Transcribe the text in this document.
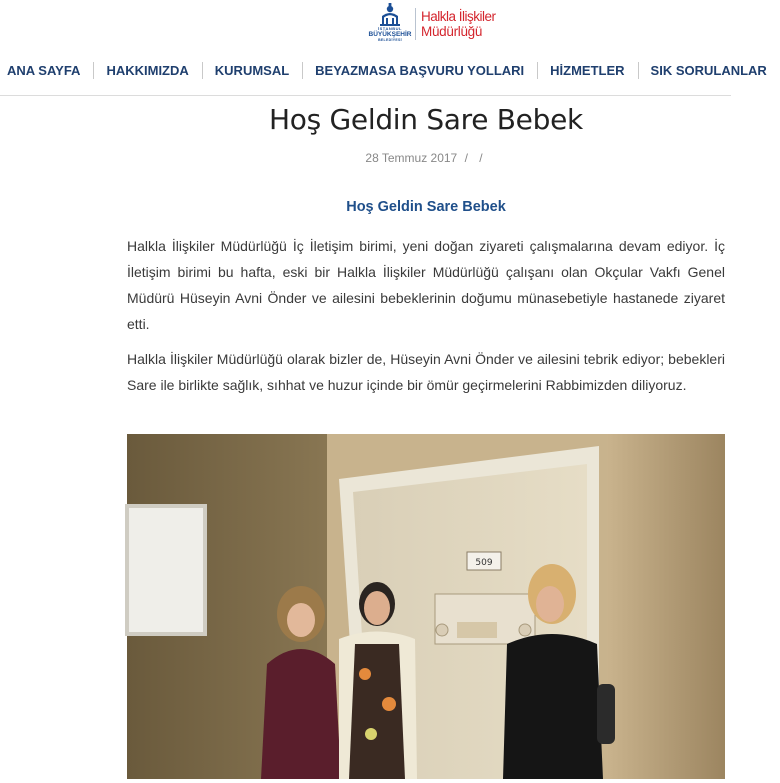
İSTANBUL
BÜYÜKŞEHİR
BELEDİYESİ
Halkla İlişkiler
Müdürlüğü
ANA SAYFA	HAKKIMIZDA	KURUMSAL	BEYAZMASA BAŞVURU YOLLARI	HİZMETLER	SIK SORULANLAR
Hoş Geldin Sare Bebek
28 Temmuz 2017 / /
Hoş Geldin Sare Bebek

Halkla İlişkiler Müdürlüğü İç İletişim birimi, yeni doğan ziyareti çalışmalarına devam ediyor. İç İletişim birimi bu hafta, eski bir Halkla İlişkiler Müdürlüğü çalışanı olan Okçular Vakfı Genel Müdürü Hüseyin Avni Önder ve ailesini bebeklerinin doğumu münasebetiyle hastanede ziyaret etti.

Halkla İlişkiler Müdürlüğü olarak bizler de, Hüseyin Avni Önder ve ailesini tebrik ediyor; bebekleri Sare ile birlikte sağlık, sıhhat ve huzur içinde bir ömür geçirmelerini Rabbimizden diliyoruz.

509
